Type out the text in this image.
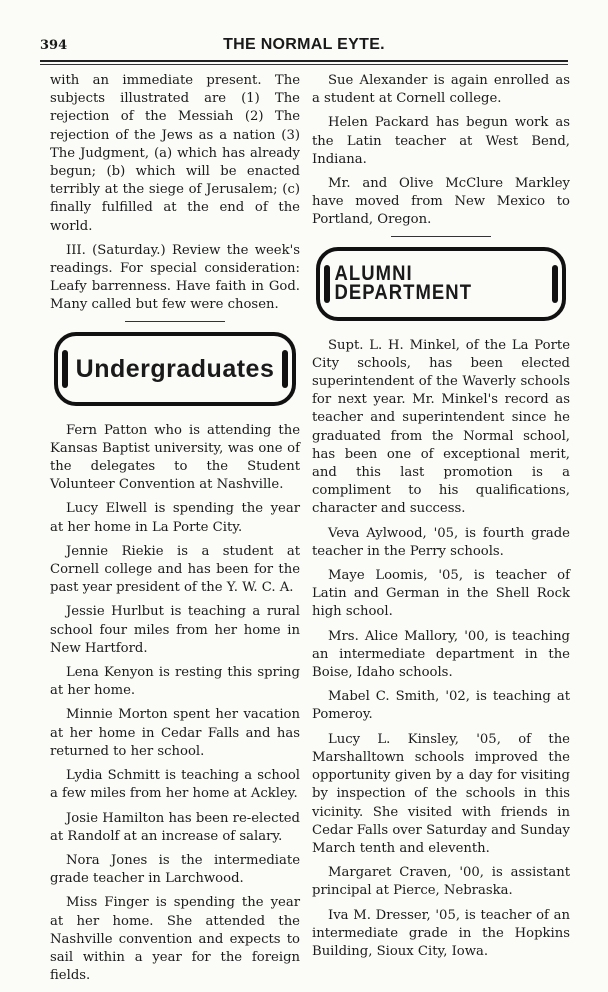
394	THE NORMAL EYTE.

with an immediate present. The subjects illustrated are (1) The rejection of the Messiah (2) The rejection of the Jews as a nation (3) The Judgment, (a) which has already begun; (b) which will be enacted terribly at the siege of Jerusalem; (c) finally fulfilled at the end of the world.

III. (Saturday.) Review the week's readings. For special consideration: Leafy barrenness. Have faith in God. Many called but few were chosen.

Undergraduates

Fern Patton who is attending the Kansas Baptist university, was one of the delegates to the Student Volunteer Convention at Nashville.

Lucy Elwell is spending the year at her home in La Porte City.

Jennie Riekie is a student at Cornell college and has been for the past year president of the Y. W. C. A.

Jessie Hurlbut is teaching a rural school four miles from her home in New Hartford.

Lena Kenyon is resting this spring at her home.

Minnie Morton spent her vacation at her home in Cedar Falls and has returned to her school.

Lydia Schmitt is teaching a school a few miles from her home at Ackley.

Josie Hamilton has been re-elected at Randolf at an increase of salary.

Nora Jones is the intermediate grade teacher in Larchwood.

Miss Finger is spending the year at her home. She attended the Nashville convention and expects to sail within a year for the foreign fields.

Sue Alexander is again enrolled as a student at Cornell college.

Helen Packard has begun work as the Latin teacher at West Bend, Indiana.

Mr. and Olive McClure Markley have moved from New Mexico to Portland, Oregon.

ALUMNI DEPARTMENT

Supt. L. H. Minkel, of the La Porte City schools, has been elected superintendent of the Waverly schools for next year. Mr. Minkel's record as teacher and superintendent since he graduated from the Normal school, has been one of exceptional merit, and this last promotion is a compliment to his qualifications, character and success.

Veva Aylwood, '05, is fourth grade teacher in the Perry schools.

Maye Loomis, '05, is teacher of Latin and German in the Shell Rock high school.

Mrs. Alice Mallory, '00, is teaching an intermediate department in the Boise, Idaho schools.

Mabel C. Smith, '02, is teaching at Pomeroy.

Lucy L. Kinsley, '05, of the Marshalltown schools improved the opportunity given by a day for visiting by inspection of the schools in this vicinity. She visited with friends in Cedar Falls over Saturday and Sunday March tenth and eleventh.

Margaret Craven, '00, is assistant principal at Pierce, Nebraska.

Iva M. Dresser, '05, is teacher of an intermediate grade in the Hopkins Building, Sioux City, Iowa.
